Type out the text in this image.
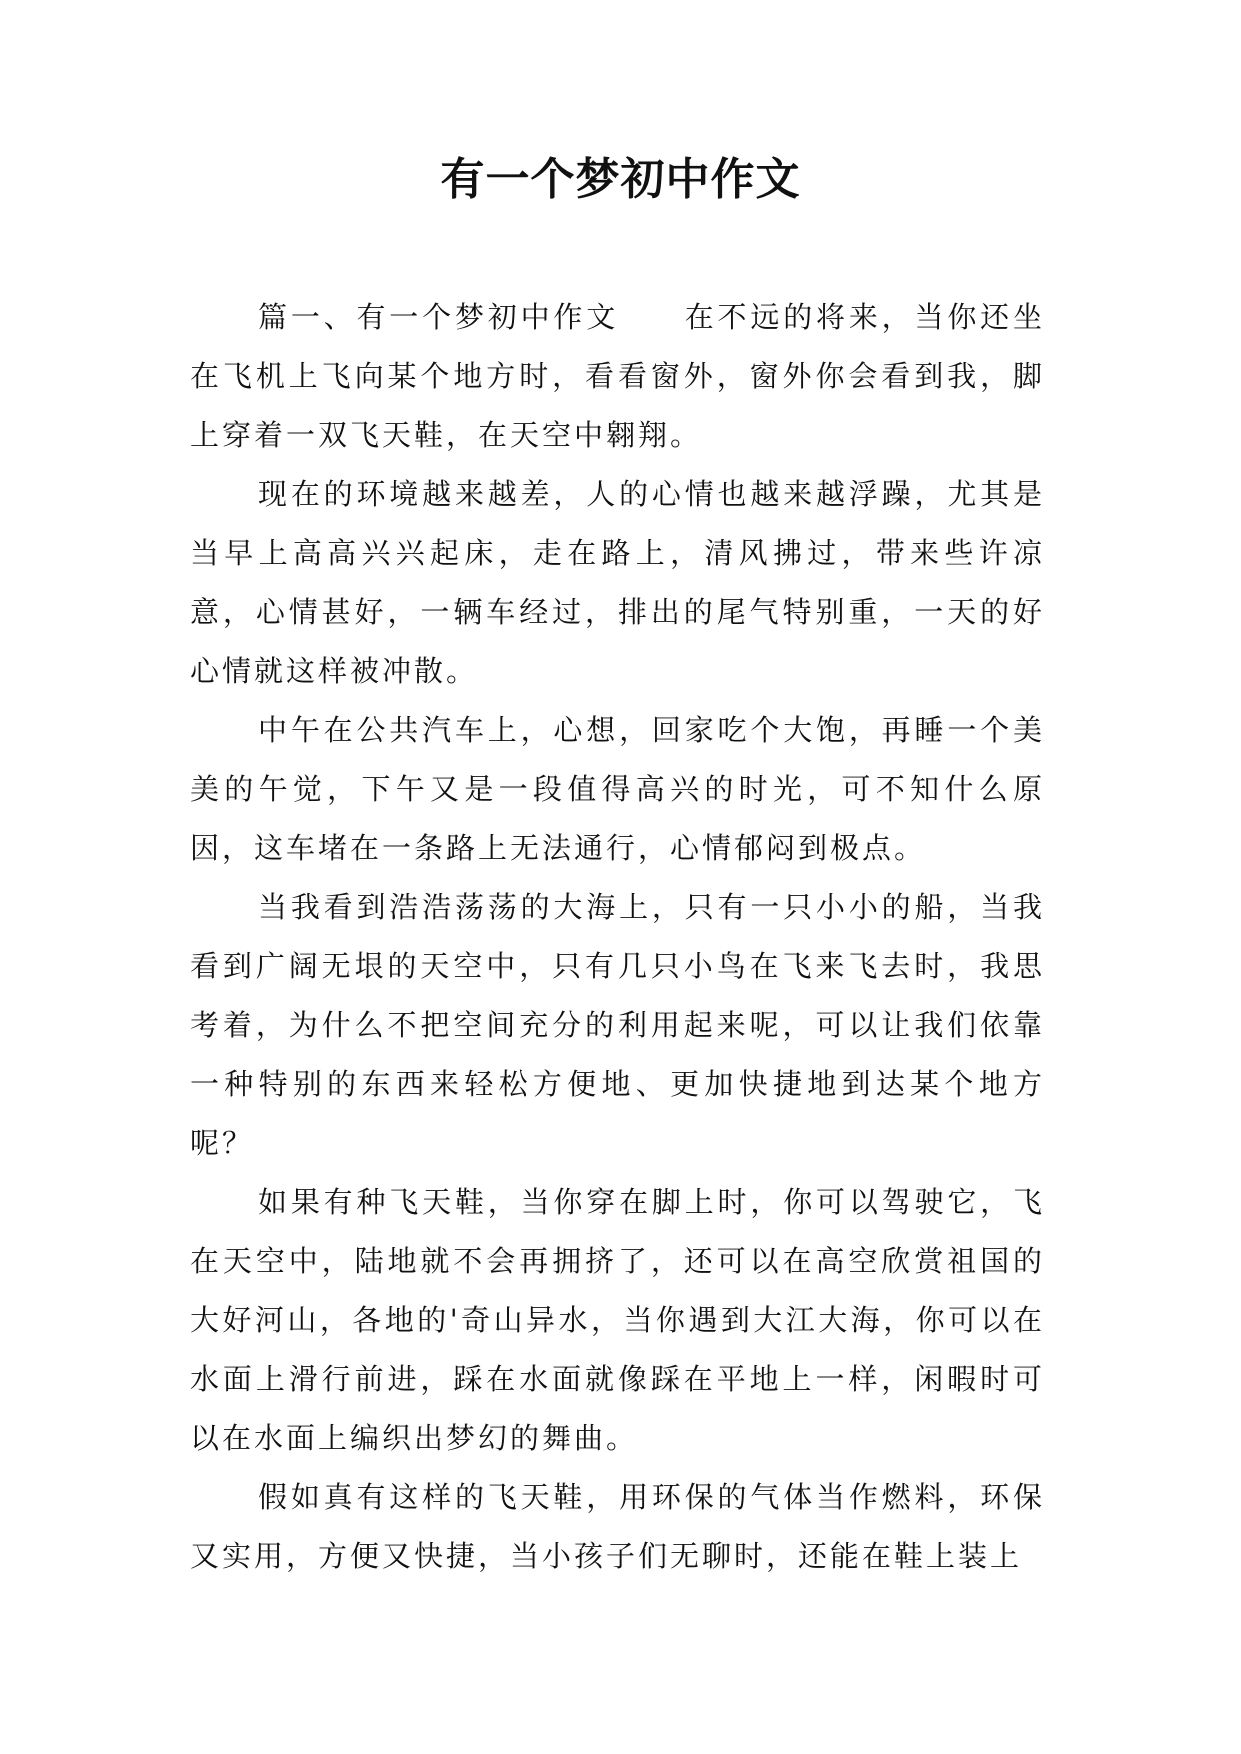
有一个梦初中作文

篇一、有一个梦初中作文　　在不远的将来，当你还坐在飞机上飞向某个地方时，看看窗外，窗外你会看到我，脚上穿着一双飞天鞋，在天空中翱翔。

现在的环境越来越差，人的心情也越来越浮躁，尤其是当早上高高兴兴起床，走在路上，清风拂过，带来些许凉意，心情甚好，一辆车经过，排出的尾气特别重，一天的好心情就这样被冲散。

中午在公共汽车上，心想，回家吃个大饱，再睡一个美美的午觉，下午又是一段值得高兴的时光，可不知什么原因，这车堵在一条路上无法通行，心情郁闷到极点。

当我看到浩浩荡荡的大海上，只有一只小小的船，当我看到广阔无垠的天空中，只有几只小鸟在飞来飞去时，我思考着，为什么不把空间充分的利用起来呢，可以让我们依靠一种特别的东西来轻松方便地、更加快捷地到达某个地方呢？

如果有种飞天鞋，当你穿在脚上时，你可以驾驶它，飞在天空中，陆地就不会再拥挤了，还可以在高空欣赏祖国的大好河山，各地的'奇山异水，当你遇到大江大海，你可以在水面上滑行前进，踩在水面就像踩在平地上一样，闲暇时可以在水面上编织出梦幻的舞曲。

假如真有这样的飞天鞋，用环保的气体当作燃料，环保又实用，方便又快捷，当小孩子们无聊时，还能在鞋上装上
